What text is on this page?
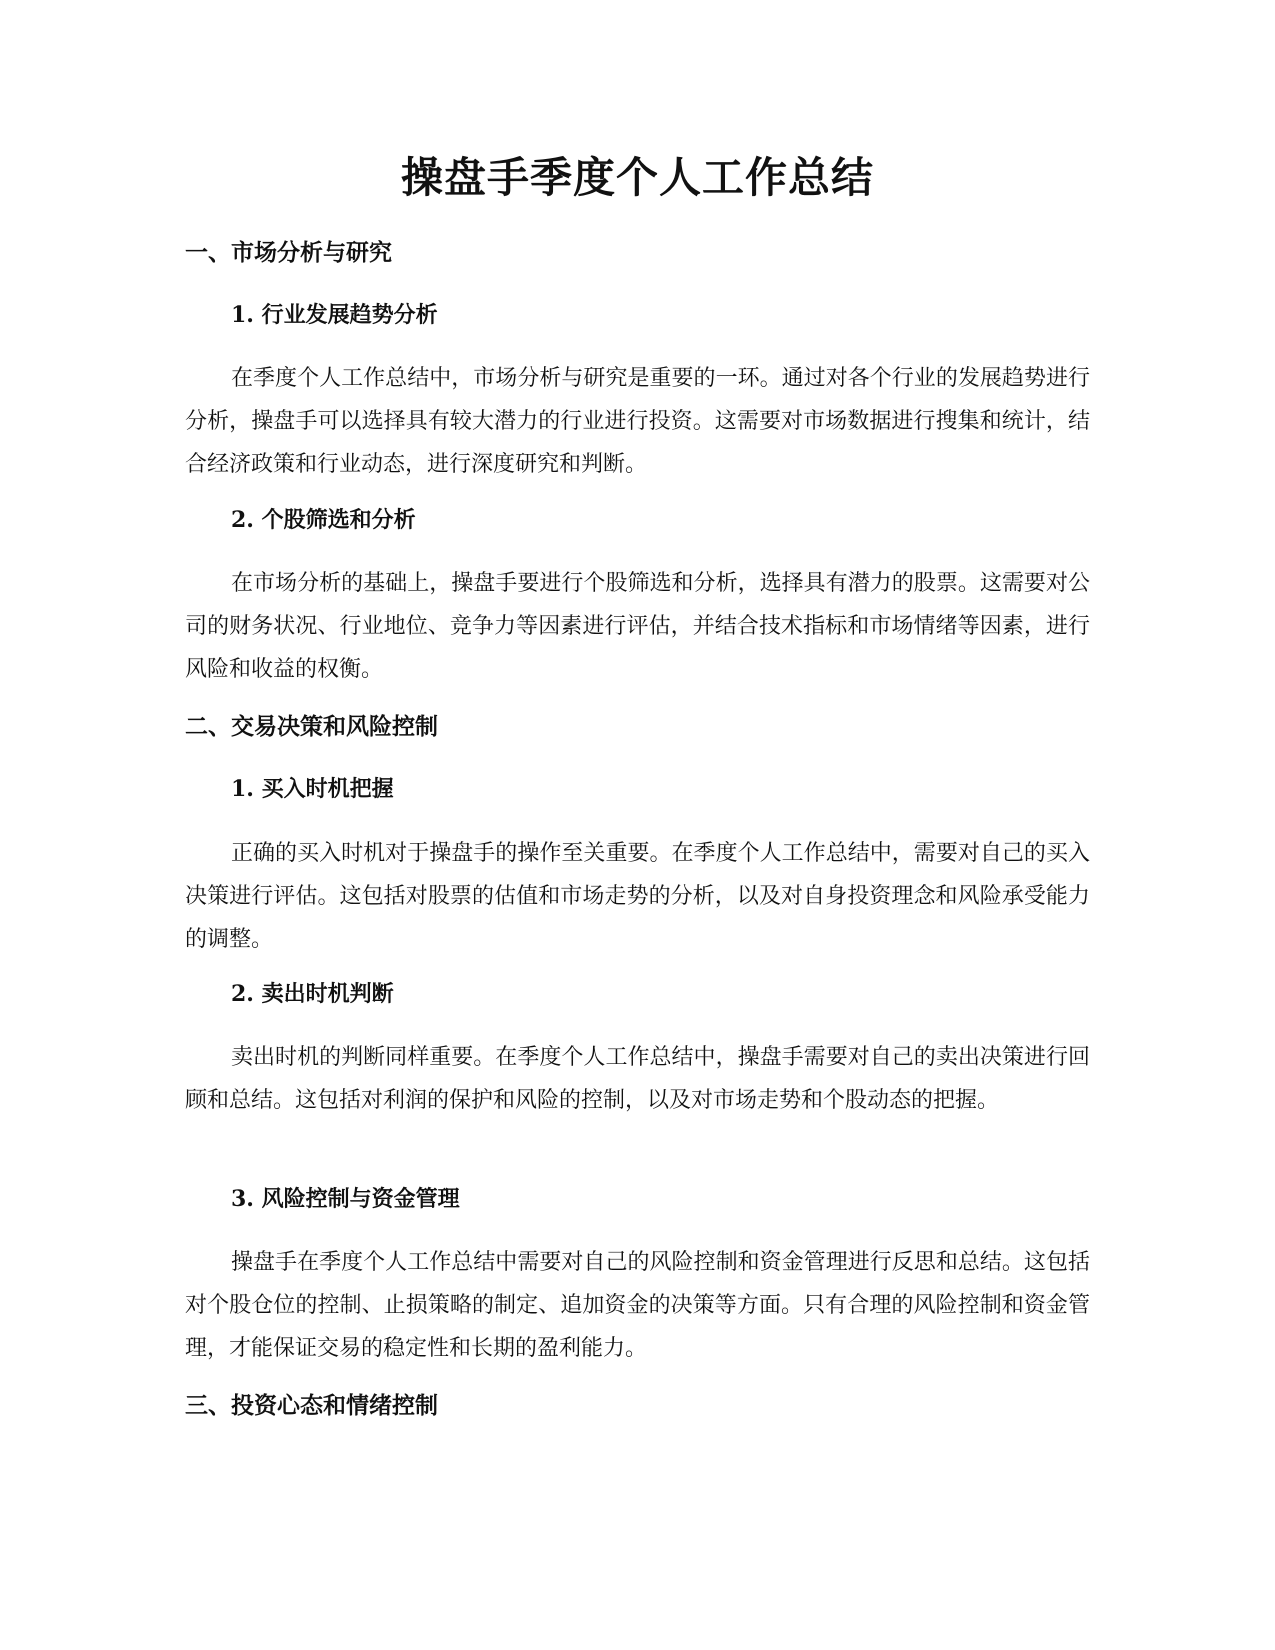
操盘手季度个人工作总结
一、市场分析与研究
1. 行业发展趋势分析

在季度个人工作总结中，市场分析与研究是重要的一环。通过对各个行业的发展趋势进行分析，操盘手可以选择具有较大潜力的行业进行投资。这需要对市场数据进行搜集和统计，结合经济政策和行业动态，进行深度研究和判断。

2. 个股筛选和分析

在市场分析的基础上，操盘手要进行个股筛选和分析，选择具有潜力的股票。这需要对公司的财务状况、行业地位、竞争力等因素进行评估，并结合技术指标和市场情绪等因素，进行风险和收益的权衡。

二、交易决策和风险控制
1. 买入时机把握

正确的买入时机对于操盘手的操作至关重要。在季度个人工作总结中，需要对自己的买入决策进行评估。这包括对股票的估值和市场走势的分析，以及对自身投资理念和风险承受能力的调整。

2. 卖出时机判断

卖出时机的判断同样重要。在季度个人工作总结中，操盘手需要对自己的卖出决策进行回顾和总结。这包括对利润的保护和风险的控制，以及对市场走势和个股动态的把握。

3. 风险控制与资金管理

操盘手在季度个人工作总结中需要对自己的风险控制和资金管理进行反思和总结。这包括对个股仓位的控制、止损策略的制定、追加资金的决策等方面。只有合理的风险控制和资金管理，才能保证交易的稳定性和长期的盈利能力。

三、投资心态和情绪控制
